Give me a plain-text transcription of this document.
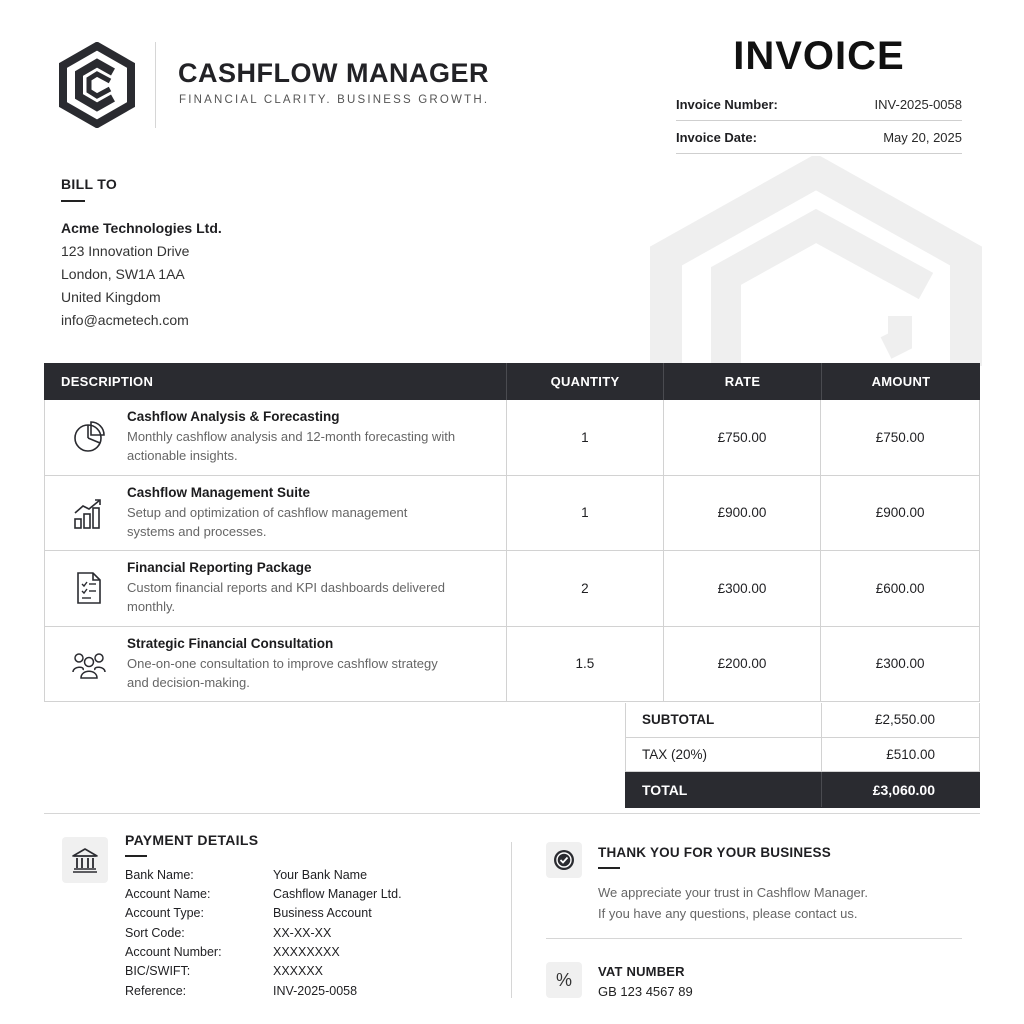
CASHFLOW MANAGER
FINANCIAL CLARITY. BUSINESS GROWTH.
INVOICE
Invoice Number:	INV-2025-0058
Invoice Date:	May 20, 2025
BILL TO
Acme Technologies Ltd.
123 Innovation Drive
London, SW1A 1AA
United Kingdom
info@acmetech.com
DESCRIPTION	QUANTITY	RATE	AMOUNT
Cashflow Analysis & Forecasting
Monthly cashflow analysis and 12-month forecasting with actionable insights.
1	£750.00	£750.00
Cashflow Management Suite
Setup and optimization of cashflow management systems and processes.
1	£900.00	£900.00
Financial Reporting Package
Custom financial reports and KPI dashboards delivered monthly.
2	£300.00	£600.00
Strategic Financial Consultation
One-on-one consultation to improve cashflow strategy and decision-making.
1.5	£200.00	£300.00
SUBTOTAL	£2,550.00
TAX (20%)	£510.00
TOTAL	£3,060.00
PAYMENT DETAILS
Bank Name:	Your Bank Name
Account Name:	Cashflow Manager Ltd.
Account Type:	Business Account
Sort Code:	XX-XX-XX
Account Number:	XXXXXXXX
BIC/SWIFT:	XXXXXX
Reference:	INV-2025-0058
THANK YOU FOR YOUR BUSINESS
We appreciate your trust in Cashflow Manager.
If you have any questions, please contact us.
%	VAT NUMBER
GB 123 4567 89
